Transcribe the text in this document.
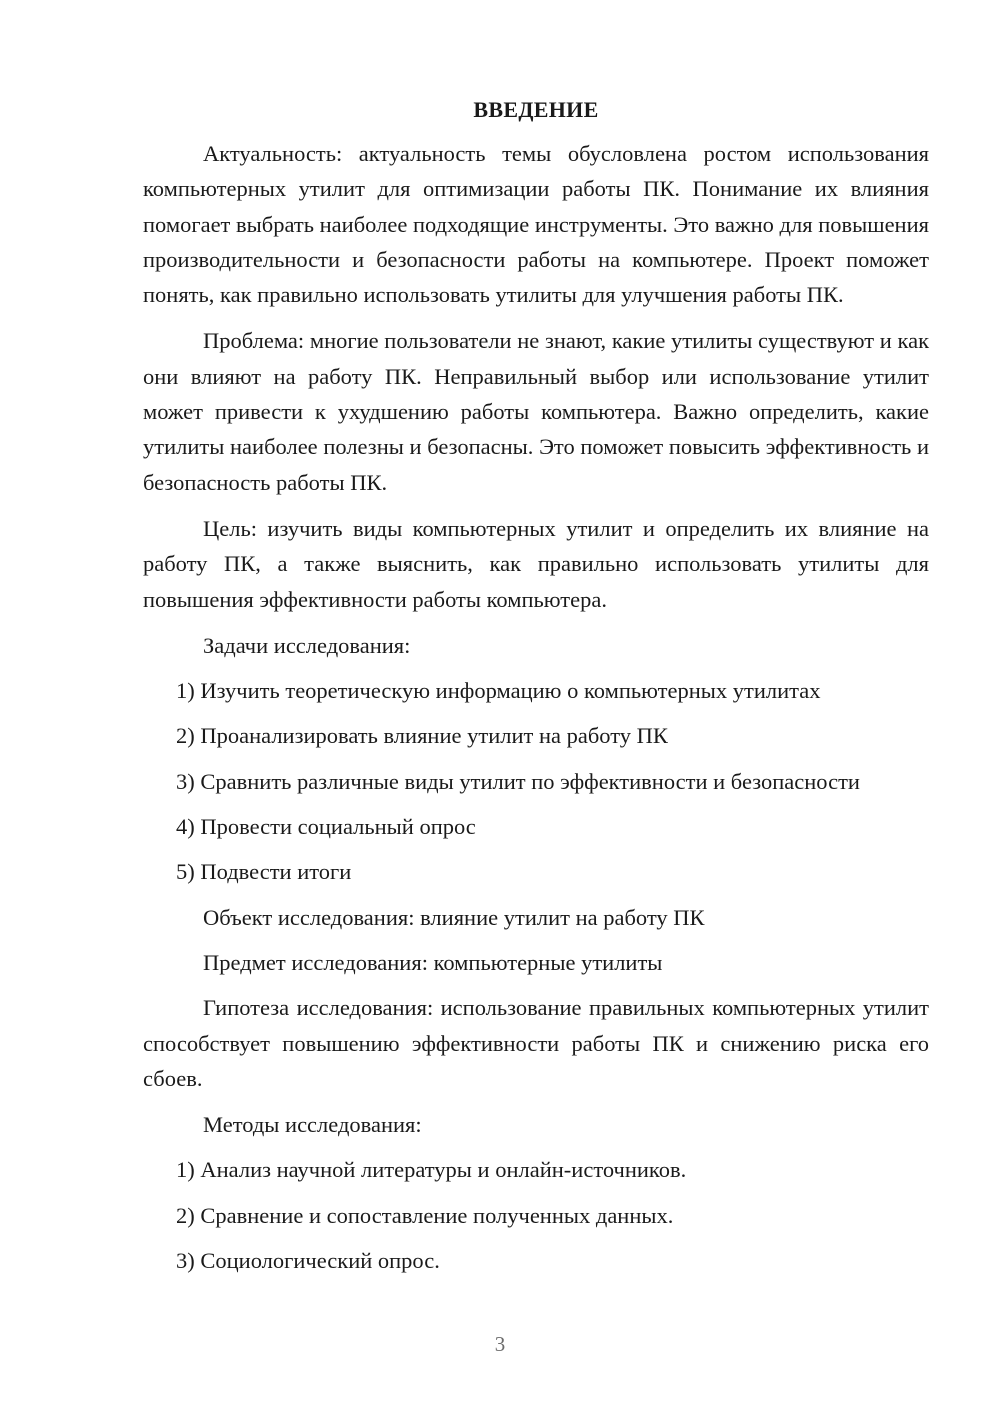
ВВЕДЕНИЕ
Актуальность: актуальность темы обусловлена ростом использования компьютерных утилит для оптимизации работы ПК. Понимание их влияния помогает выбрать наиболее подходящие инструменты. Это важно для повышения производительности и безопасности работы на компьютере. Проект поможет понять, как правильно использовать утилиты для улучшения работы ПК.
Проблема: многие пользователи не знают, какие утилиты существуют и как они влияют на работу ПК. Неправильный выбор или использование утилит может привести к ухудшению работы компьютера. Важно определить, какие утилиты наиболее полезны и безопасны. Это поможет повысить эффективность и безопасность работы ПК.
Цель: изучить виды компьютерных утилит и определить их влияние на работу ПК, а также выяснить, как правильно использовать утилиты для повышения эффективности работы компьютера.
Задачи исследования:
1) Изучить теоретическую информацию о компьютерных утилитах
2) Проанализировать влияние утилит на работу ПК
3) Сравнить различные виды утилит по эффективности и безопасности
4) Провести социальный опрос
5) Подвести итоги
Объект исследования: влияние утилит на работу ПК
Предмет исследования: компьютерные утилиты
Гипотеза исследования: использование правильных компьютерных утилит способствует повышению эффективности работы ПК и снижению риска его сбоев.
Методы исследования:
1) Анализ научной литературы и онлайн-источников.
2) Сравнение и сопоставление полученных данных.
3) Социологический опрос.
3
